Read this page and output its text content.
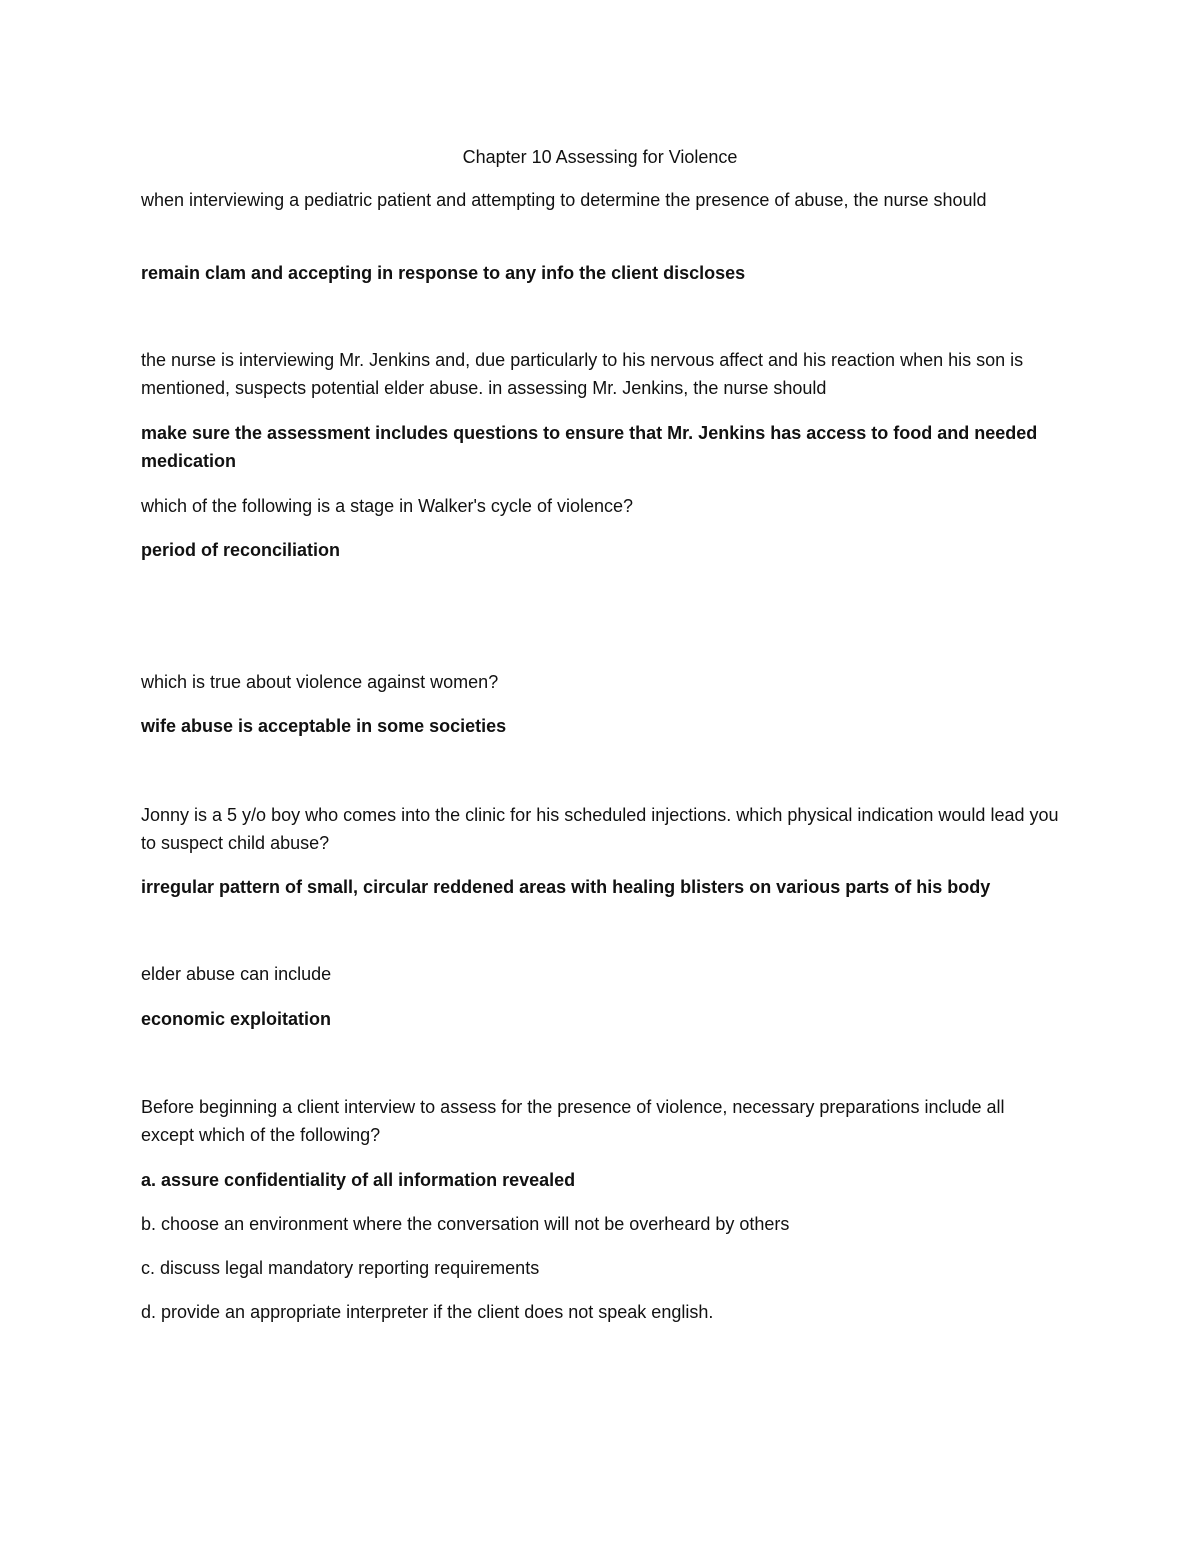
Chapter 10 Assessing for Violence

when interviewing a pediatric patient and attempting to determine the presence of abuse, the nurse should

remain clam and accepting in response to any info the client discloses

the nurse is interviewing Mr. Jenkins and, due particularly to his nervous affect and his reaction when his son is mentioned, suspects potential elder abuse. in assessing Mr. Jenkins, the nurse should

make sure the assessment includes questions to ensure that Mr. Jenkins has access to food and needed medication

which of the following is a stage in Walker's cycle of violence?

period of reconciliation

which is true about violence against women?

wife abuse is acceptable in some societies

Jonny is a 5 y/o boy who comes into the clinic for his scheduled injections. which physical indication would lead you to suspect child abuse?

irregular pattern of small, circular reddened areas with healing blisters on various parts of his body

elder abuse can include

economic exploitation

Before beginning a client interview to assess for the presence of violence, necessary preparations include all except which of the following?

a. assure confidentiality of all information revealed

b. choose an environment where the conversation will not be overheard by others

c. discuss legal mandatory reporting requirements

d. provide an appropriate interpreter if the client does not speak english.
